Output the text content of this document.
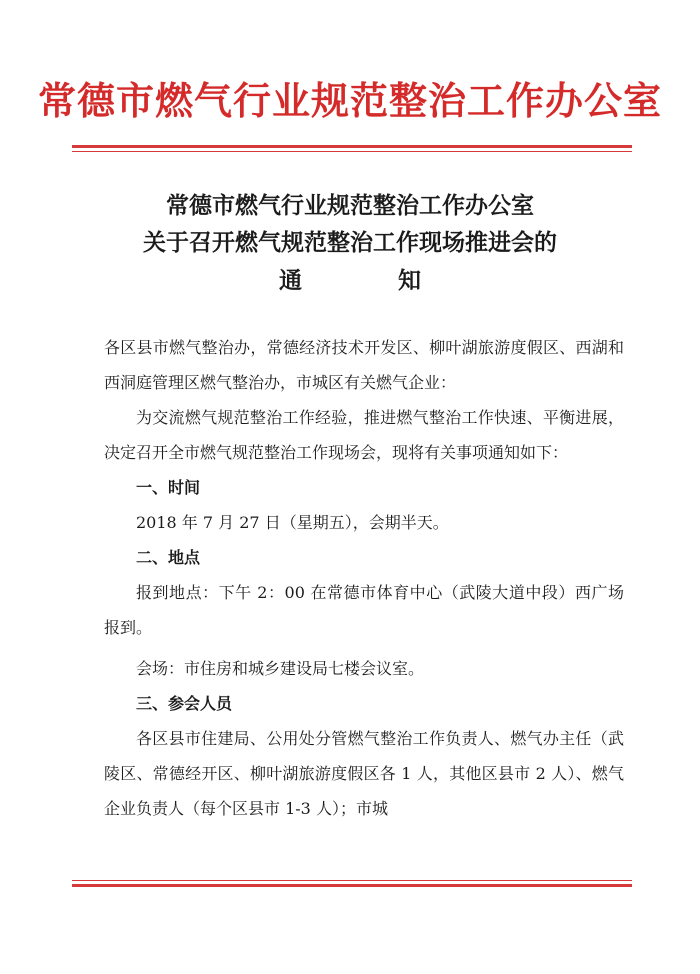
常德市燃气行业规范整治工作办公室
常德市燃气行业规范整治工作办公室
关于召开燃气规范整治工作现场推进会的
通	知

各区县市燃气整治办，常德经济技术开发区、柳叶湖旅游度假区、西湖和西洞庭管理区燃气整治办，市城区有关燃气企业：

为交流燃气规范整治工作经验，推进燃气整治工作快速、平衡进展，决定召开全市燃气规范整治工作现场会，现将有关事项通知如下：

一、时间

2018 年 7 月 27 日（星期五），会期半天。

二、地点

报到地点：下午 2：00 在常德市体育中心（武陵大道中段）西广场报到。

会场：市住房和城乡建设局七楼会议室。

三、参会人员

各区县市住建局、公用处分管燃气整治工作负责人、燃气办主任（武陵区、常德经开区、柳叶湖旅游度假区各 1 人，其他区县市 2 人）、燃气企业负责人（每个区县市 1-3 人）；市城
